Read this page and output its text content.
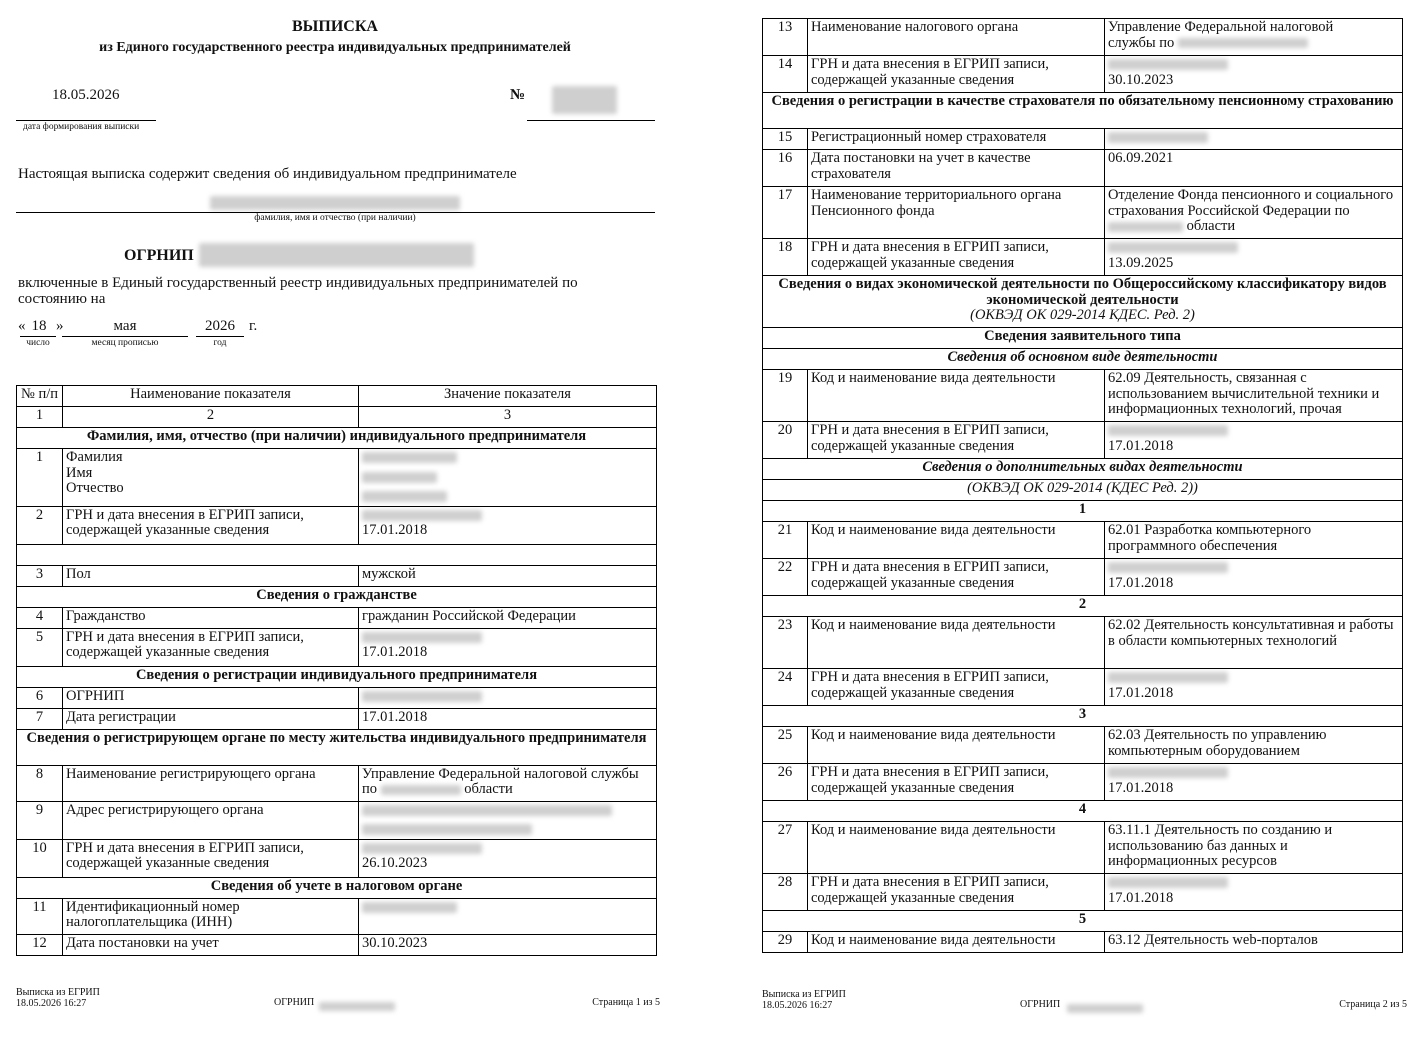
ВЫПИСКА
из Единого государственного реестра индивидуальных предпринимателей
18.05.2026
дата формирования выписки
№
Настоящая выписка содержит сведения об индивидуальном предпринимателе
фамилия, имя и отчество (при наличии)
ОГРНИП
включенные в Единый государственный реестр индивидуальных предпринимателей по состоянию на
« 18 »	мая	2026 г.
число	месяц прописью	год
№ п/п	Наименование показателя	Значение показателя
1	2	3
Фамилия, имя, отчество (при наличии) индивидуального предпринимателя		
1	Фамилия
Имя
Отчество	

2	ГРН и дата внесения в ЕГРИП записи, содержащей указанные сведения	17.01.2018

3	Пол	мужской
Сведения о гражданстве		
4	Гражданство	гражданин Российской Федерации
5	ГРН и дата внесения в ЕГРИП записи, содержащей указанные сведения	17.01.2018

Сведения о регистрации индивидуального предпринимателя		
6	ОГРНИП	
7	Дата регистрации	17.01.2018
Сведения о регистрирующем органе по месту жительства индивидуального предпринимателя		
8	Наименование регистрирующего органа	Управление Федеральной налоговой службы по области
9	Адрес регистрирующего органа	

10	ГРН и дата внесения в ЕГРИП записи, содержащей указанные сведения	26.10.2023

Сведения об учете в налоговом органе		
11	Идентификационный номер налогоплательщика (ИНН)	
12	Дата постановки на учет	30.10.2023
Выписка из ЕГРИП
18.05.2026 16:27	ОГРНИП	Страница 1 из 5
13	Наименование налогового органа	Управление Федеральной налоговой
службы по

14	ГРН и дата внесения в ЕГРИП записи, содержащей указанные сведения	30.10.2023

Сведения о регистрации в качестве страхователя по обязательному пенсионному страхованию		
15	Регистрационный номер страхователя	
16	Дата постановки на учет в качестве страхователя	06.09.2021
17	Наименование территориального органа Пенсионного фонда	Отделение Фонда пенсионного и социального страхования Российской Федерации по  области
18	ГРН и дата внесения в ЕГРИП записи, содержащей указанные сведения	13.09.2025

Сведения о видах экономической деятельности по Общероссийскому классификатору видов экономической деятельности
(ОКВЭД ОК 029-2014 КДЕС. Ред. 2)		

Сведения заявительного типа		
Сведения об основном виде деятельности		
19	Код и наименование вида деятельности	62.09 Деятельность, связанная с использованием вычислительной техники и информационных технологий, прочая
20	ГРН и дата внесения в ЕГРИП записи, содержащей указанные сведения	17.01.2018

Сведения о дополнительных видах деятельности		
(ОКВЭД ОК 029-2014 (КДЕС Ред. 2))		
1		
21	Код и наименование вида деятельности	62.01 Разработка компьютерного программного обеспечения
22	ГРН и дата внесения в ЕГРИП записи, содержащей указанные сведения	17.01.2018

2		
23	Код и наименование вида деятельности	62.02 Деятельность консультативная и работы в области компьютерных технологий
24	ГРН и дата внесения в ЕГРИП записи, содержащей указанные сведения	17.01.2018

3		
25	Код и наименование вида деятельности	62.03 Деятельность по управлению компьютерным оборудованием
26	ГРН и дата внесения в ЕГРИП записи, содержащей указанные сведения	17.01.2018

4		
27	Код и наименование вида деятельности	63.11.1 Деятельность по созданию и использованию баз данных и информационных ресурсов
28	ГРН и дата внесения в ЕГРИП записи, содержащей указанные сведения	17.01.2018

5		
29	Код и наименование вида деятельности	63.12 Деятельность web-порталов
Выписка из ЕГРИП
18.05.2026 16:27	ОГРНИП	Страница 2 из 5
